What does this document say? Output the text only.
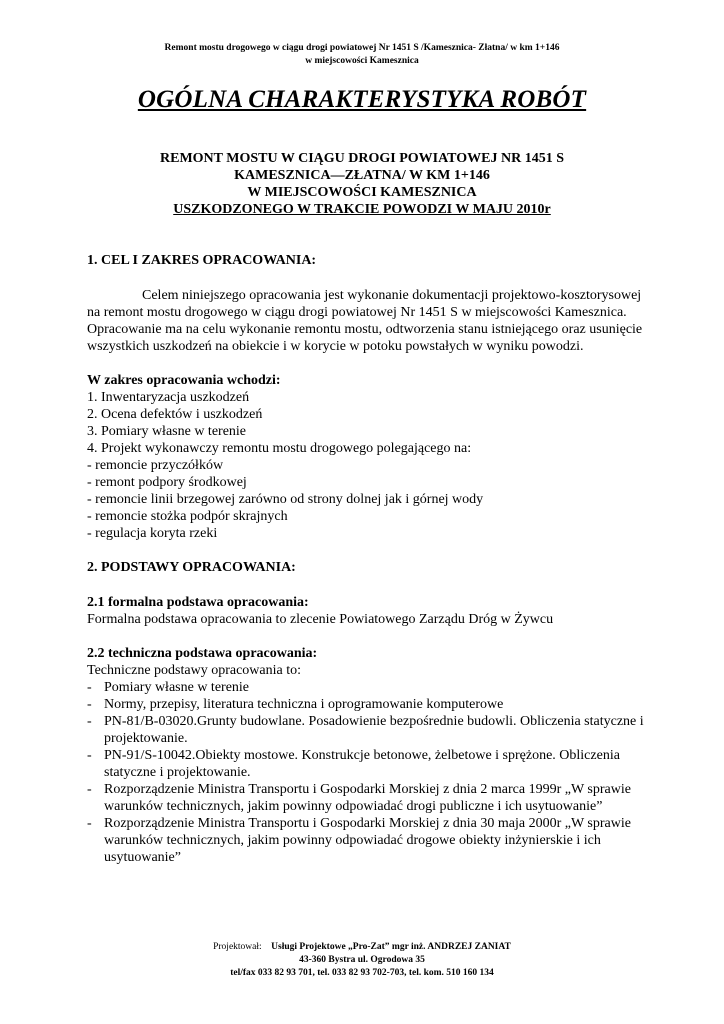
Remont mostu drogowego w ciągu drogi powiatowej Nr 1451 S /Kamesznica- Złatna/ w km 1+146
w miejscowości Kamesznica
OGÓLNA CHARAKTERYSTYKA ROBÓT
REMONT MOSTU W CIĄGU DROGI POWIATOWEJ NR 1451 S
KAMESZNICA—ZŁATNA/ W KM 1+146
W MIEJSCOWOŚCI KAMESZNICA
USZKODZONEGO W TRAKCIE POWODZI W MAJU 2010r
1. CEL I ZAKRES OPRACOWANIA:

Celem niniejszego opracowania jest wykonanie dokumentacji projektowo-kosztorysowej na remont mostu drogowego w ciągu drogi powiatowej Nr 1451 S w miejscowości Kamesznica. Opracowanie ma na celu wykonanie remontu mostu, odtworzenia stanu istniejącego oraz usunięcie wszystkich uszkodzeń na obiekcie i w korycie w potoku powstałych w wyniku powodzi.

W zakres opracowania wchodzi:
1. Inwentaryzacja uszkodzeń
2. Ocena defektów i uszkodzeń
3. Pomiary własne w terenie
4. Projekt wykonawczy remontu mostu drogowego polegającego na:
- remoncie przyczółków
- remont podpory środkowej
- remoncie linii brzegowej zarówno od strony dolnej jak i górnej wody
- remoncie stożka podpór skrajnych
- regulacja koryta rzeki
2. PODSTAWY OPRACOWANIA:
2.1 formalna podstawa opracowania:
Formalna podstawa opracowania to zlecenie Powiatowego Zarządu Dróg w Żywcu
2.2 techniczna podstawa opracowania:
Techniczne podstawy opracowania to:
- Pomiary własne w terenie
- Normy, przepisy, literatura techniczna i oprogramowanie komputerowe
- PN-81/B-03020.Grunty budowlane. Posadowienie bezpośrednie budowli. Obliczenia statyczne i projektowanie.
- PN-91/S-10042.Obiekty mostowe. Konstrukcje betonowe, żelbetowe i sprężone. Obliczenia statyczne i projektowanie.
- Rozporządzenie Ministra Transportu i Gospodarki Morskiej z dnia 2 marca 1999r „W sprawie warunków technicznych, jakim powinny odpowiadać drogi publiczne i ich usytuowanie”
- Rozporządzenie Ministra Transportu i Gospodarki Morskiej z dnia 30 maja 2000r „W sprawie warunków technicznych, jakim powinny odpowiadać drogowe obiekty inżynierskie i ich usytuowanie”
Projektował: Usługi Projektowe „Pro-Zat” mgr inż. ANDRZEJ ZANIAT
43-360 Bystra ul. Ogrodowa 35
tel/fax 033 82 93 701, tel. 033 82 93 702-703, tel. kom. 510 160 134
